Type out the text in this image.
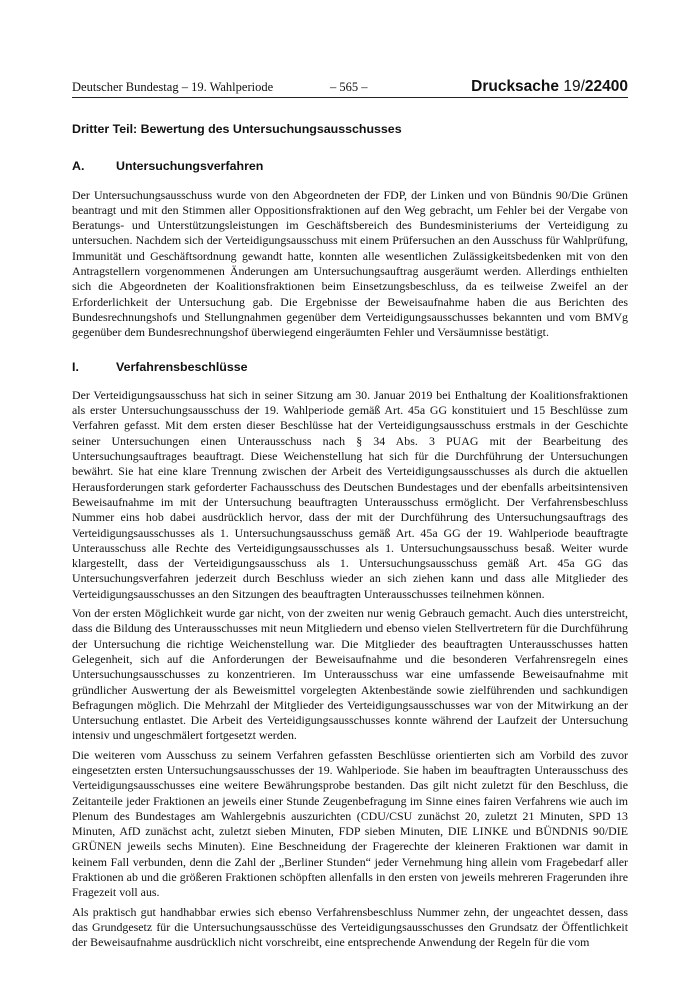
Deutscher Bundestag – 19. Wahlperiode	– 565 –	Drucksache 19/22400
Dritter Teil: Bewertung des Untersuchungsausschusses
A.	Untersuchungsverfahren

Der Untersuchungsausschuss wurde von den Abgeordneten der FDP, der Linken und von Bündnis 90/Die Grünen beantragt und mit den Stimmen aller Oppositionsfraktionen auf den Weg gebracht, um Fehler bei der Vergabe von Beratungs- und Unterstützungsleistungen im Geschäftsbereich des Bundesministeriums der Verteidigung zu untersuchen. Nachdem sich der Verteidigungsausschuss mit einem Prüfersuchen an den Ausschuss für Wahlprüfung, Immunität und Geschäftsordnung gewandt hatte, konnten alle wesentlichen Zulässigkeitsbedenken mit von den Antragstellern vorgenommenen Änderungen am Untersuchungsauftrag ausgeräumt werden. Allerdings enthielten sich die Abgeordneten der Koalitionsfraktionen beim Einsetzungsbeschluss, da es teilweise Zweifel an der Erforderlichkeit der Untersuchung gab. Die Ergebnisse der Beweisaufnahme haben die aus Berichten des Bundesrechnungshofs und Stellungnahmen gegenüber dem Verteidigungsausschusses bekannten und vom BMVg gegenüber dem Bundesrechnungshof überwiegend eingeräumten Fehler und Versäumnisse bestätigt.

I.	Verfahrensbeschlüsse

Der Verteidigungsausschuss hat sich in seiner Sitzung am 30. Januar 2019 bei Enthaltung der Koalitionsfraktionen als erster Untersuchungsausschuss der 19. Wahlperiode gemäß Art. 45a GG konstituiert und 15 Beschlüsse zum Verfahren gefasst. Mit dem ersten dieser Beschlüsse hat der Verteidigungsausschuss erstmals in der Geschichte seiner Untersuchungen einen Unterausschuss nach § 34 Abs. 3 PUAG mit der Bearbeitung des Untersuchungsauftrages beauftragt. Diese Weichenstellung hat sich für die Durchführung der Untersuchungen bewährt. Sie hat eine klare Trennung zwischen der Arbeit des Verteidigungsausschusses als durch die aktuellen Herausforderungen stark geforderter Fachausschuss des Deutschen Bundestages und der ebenfalls arbeitsintensiven Beweisaufnahme im mit der Untersuchung beauftragten Unterausschuss ermöglicht. Der Verfahrensbeschluss Nummer eins hob dabei ausdrücklich hervor, dass der mit der Durchführung des Untersuchungsauftrags des Verteidigungsausschusses als 1. Untersuchungsausschuss gemäß Art. 45a GG der 19. Wahlperiode beauftragte Unterausschuss alle Rechte des Verteidigungsausschusses als 1. Untersuchungsausschuss besaß. Weiter wurde klargestellt, dass der Verteidigungsausschuss als 1. Untersuchungsausschuss gemäß Art. 45a GG das Untersuchungsverfahren jederzeit durch Beschluss wieder an sich ziehen kann und dass alle Mitglieder des Verteidigungsausschusses an den Sitzungen des beauftragten Unterausschusses teilnehmen können.

Von der ersten Möglichkeit wurde gar nicht, von der zweiten nur wenig Gebrauch gemacht. Auch dies unterstreicht, dass die Bildung des Unterausschusses mit neun Mitgliedern und ebenso vielen Stellvertretern für die Durchführung der Untersuchung die richtige Weichenstellung war. Die Mitglieder des beauftragten Unterausschusses hatten Gelegenheit, sich auf die Anforderungen der Beweisaufnahme und die besonderen Verfahrensregeln eines Untersuchungsausschusses zu konzentrieren. Im Unterausschuss war eine umfassende Beweisaufnahme mit gründlicher Auswertung der als Beweismittel vorgelegten Aktenbestände sowie zielführenden und sachkundigen Befragungen möglich. Die Mehrzahl der Mitglieder des Verteidigungsausschusses war von der Mitwirkung an der Untersuchung entlastet. Die Arbeit des Verteidigungsausschusses konnte während der Laufzeit der Untersuchung intensiv und ungeschmälert fortgesetzt werden.

Die weiteren vom Ausschuss zu seinem Verfahren gefassten Beschlüsse orientierten sich am Vorbild des zuvor eingesetzten ersten Untersuchungsausschusses der 19. Wahlperiode. Sie haben im beauftragten Unterausschuss des Verteidigungsausschusses eine weitere Bewährungsprobe bestanden. Das gilt nicht zuletzt für den Beschluss, die Zeitanteile jeder Fraktionen an jeweils einer Stunde Zeugenbefragung im Sinne eines fairen Verfahrens wie auch im Plenum des Bundestages am Wahlergebnis auszurichten (CDU/CSU zunächst 20, zuletzt 21 Minuten, SPD 13 Minuten, AfD zunächst acht, zuletzt sieben Minuten, FDP sieben Minuten, DIE LINKE und BÜNDNIS 90/DIE GRÜNEN jeweils sechs Minuten). Eine Beschneidung der Fragerechte der kleineren Fraktionen war damit in keinem Fall verbunden, denn die Zahl der „Berliner Stunden“ jeder Vernehmung hing allein vom Fragebedarf aller Fraktionen ab und die größeren Fraktionen schöpften allenfalls in den ersten von jeweils mehreren Fragerunden ihre Fragezeit voll aus.

Als praktisch gut handhabbar erwies sich ebenso Verfahrensbeschluss Nummer zehn, der ungeachtet dessen, dass das Grundgesetz für die Untersuchungsausschüsse des Verteidigungsausschusses den Grundsatz der Öffentlichkeit der Beweisaufnahme ausdrücklich nicht vorschreibt, eine entsprechende Anwendung der Regeln für die vom
